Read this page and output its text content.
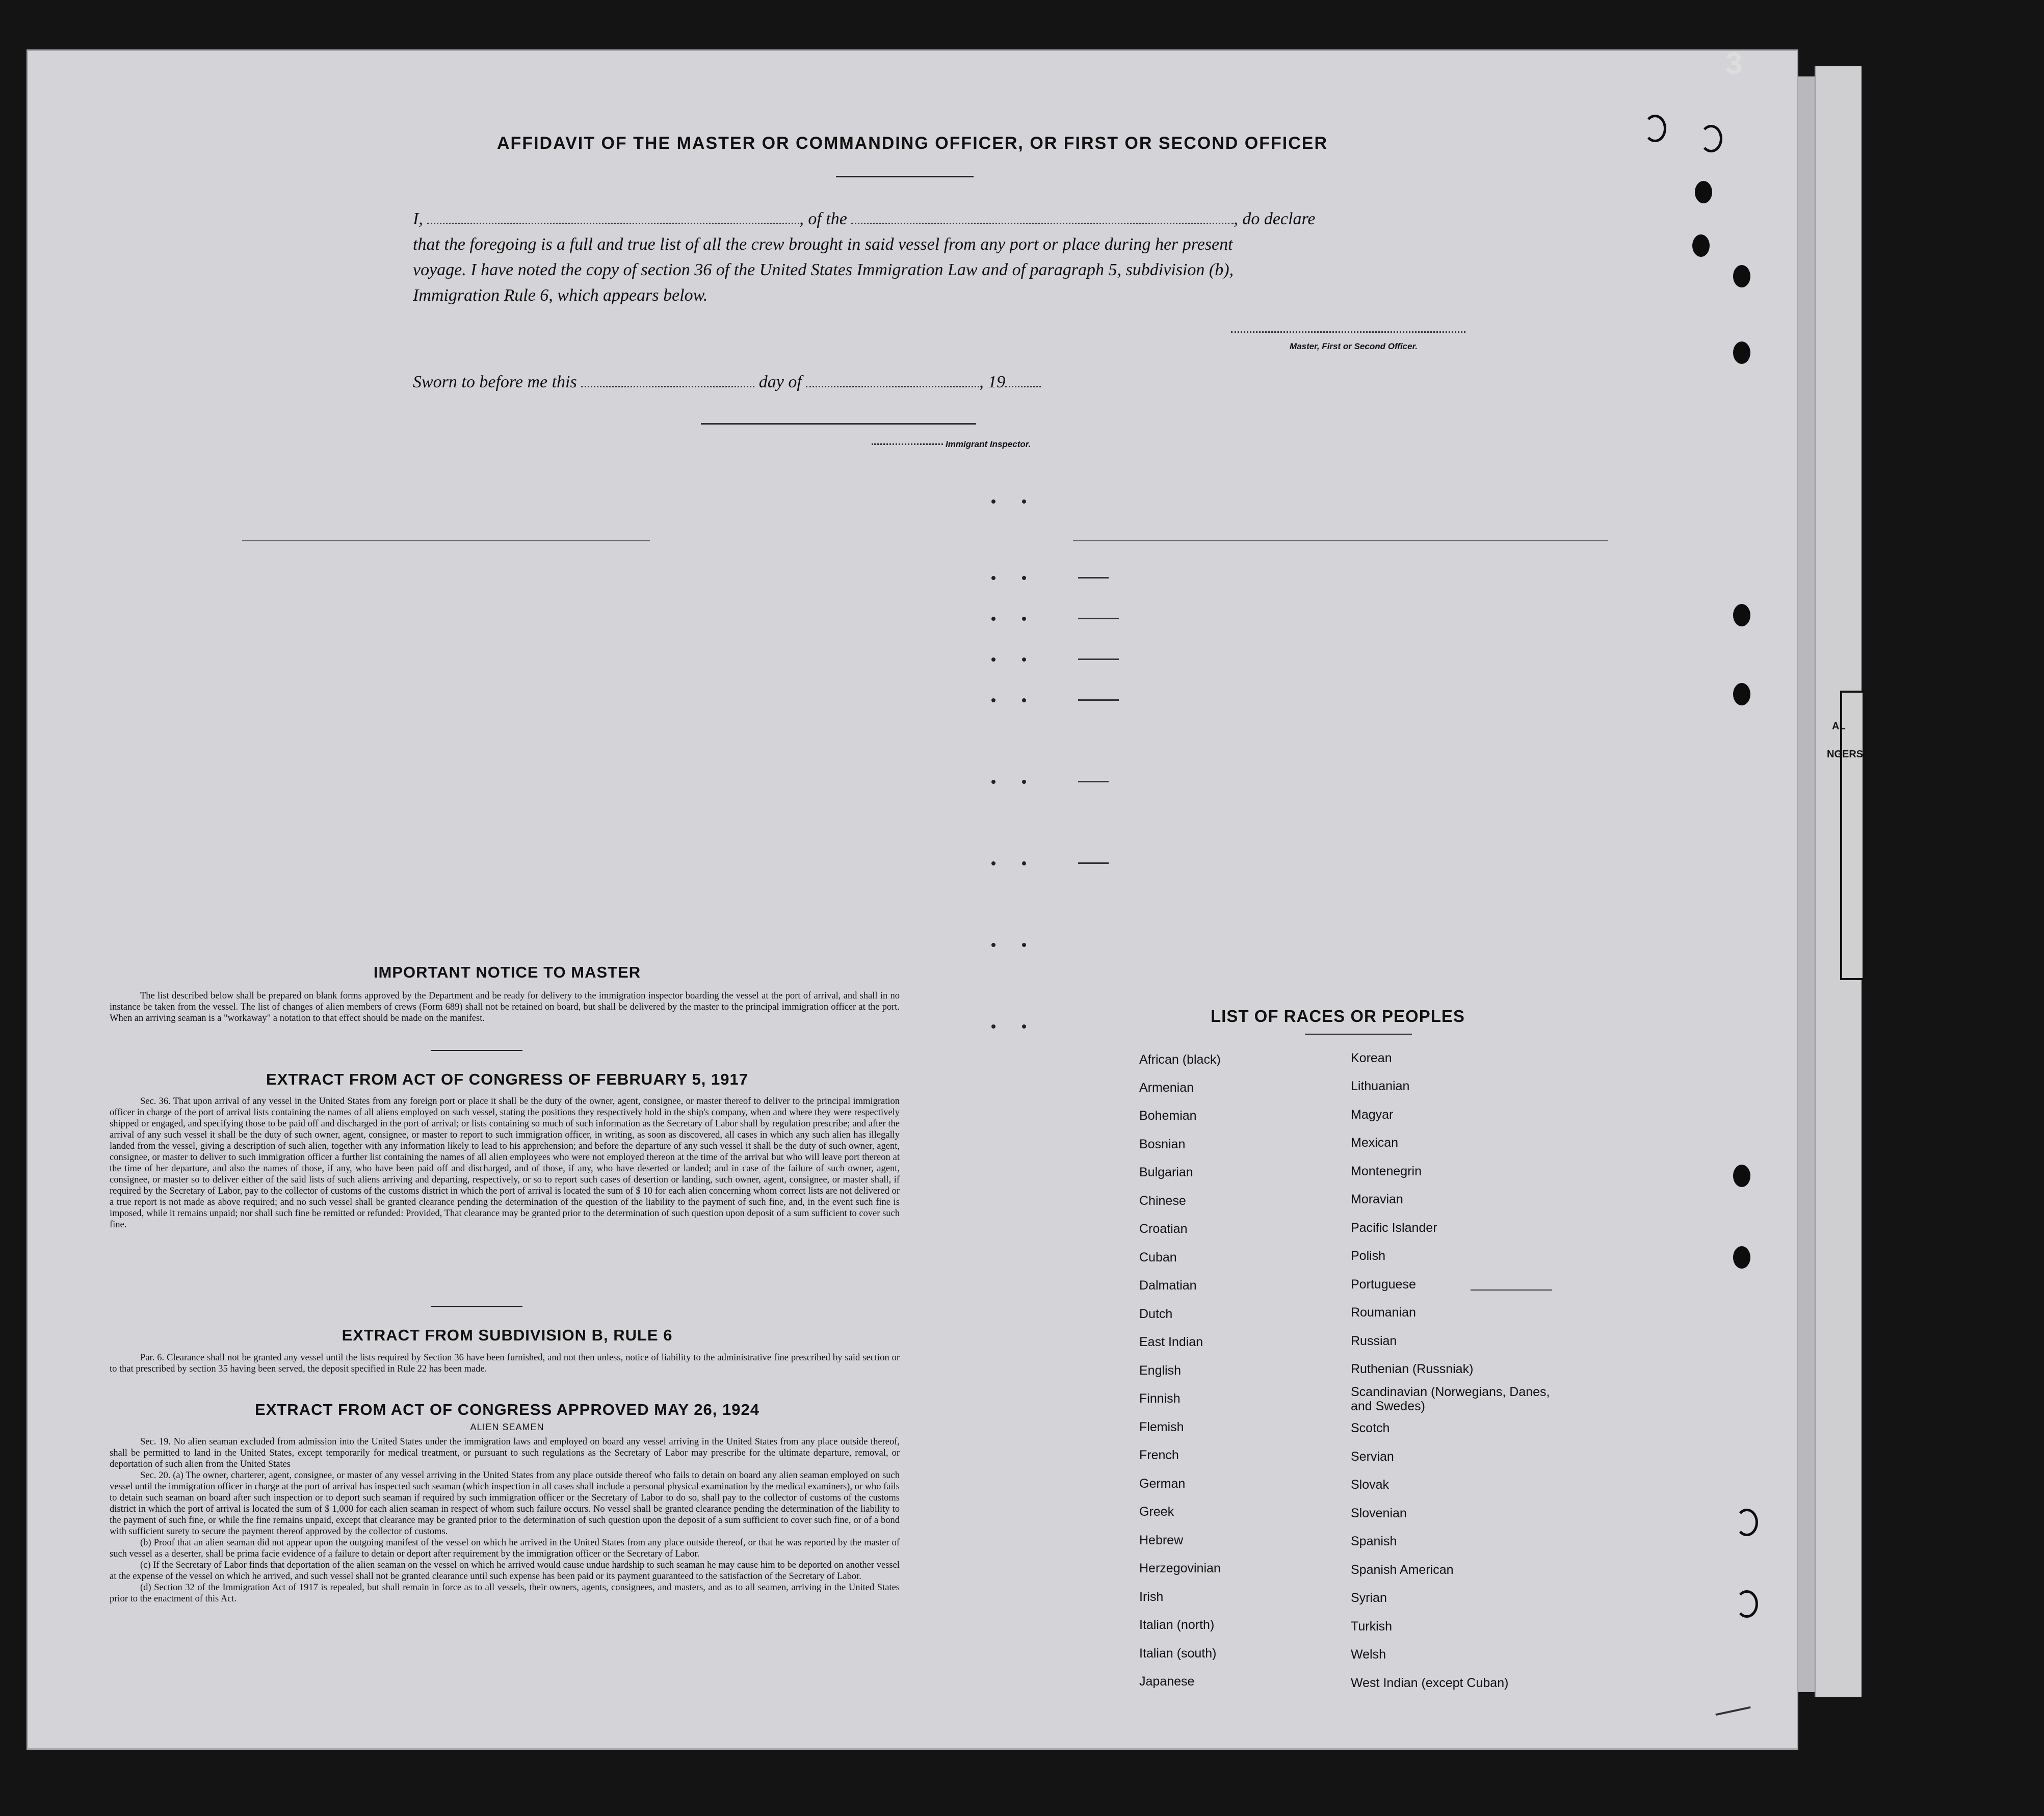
AL
NGERS
3
AFFIDAVIT OF THE MASTER OR COMMANDING OFFICER, OR FIRST OR SECOND OFFICER
I,	, of the	, do declare
that the foregoing is a full and true list of all the crew brought in said vessel from any port or place during her present
voyage. I have noted the copy of section 36 of the United States Immigration Law and of paragraph 5, subdivision (b),
Immigration Rule 6, which appears below.
Master, First or Second Officer.
Sworn to before me this	day of	, 19
Immigrant Inspector.
IMPORTANT NOTICE TO MASTER
The list described below shall be prepared on blank forms approved by the Department and be ready for delivery to the immigration inspector boarding the vessel at the port of arrival, and shall in no instance be taken from the vessel. The list of changes of alien members of crews (Form 689) shall not be retained on board, but shall be delivered by the master to the principal immigration officer at the port. When an arriving seaman is a "workaway" a notation to that effect should be made on the manifest.
EXTRACT FROM ACT OF CONGRESS OF FEBRUARY 5, 1917
Sec. 36. That upon arrival of any vessel in the United States from any foreign port or place it shall be the duty of the owner, agent, consignee, or master thereof to deliver to the principal immigration officer in charge of the port of arrival lists containing the names of all aliens employed on such vessel, stating the positions they respectively hold in the ship's company, when and where they were respectively shipped or engaged, and specifying those to be paid off and discharged in the port of arrival; or lists containing so much of such information as the Secretary of Labor shall by regulation prescribe; and after the arrival of any such vessel it shall be the duty of such owner, agent, consignee, or master to report to such immigration officer, in writing, as soon as discovered, all cases in which any such alien has illegally landed from the vessel, giving a description of such alien, together with any information likely to lead to his apprehension; and before the departure of any such vessel it shall be the duty of such owner, agent, consignee, or master to deliver to such immigration officer a further list containing the names of all alien employees who were not employed thereon at the time of the arrival but who will leave port thereon at the time of her departure, and also the names of those, if any, who have been paid off and discharged, and of those, if any, who have deserted or landed; and in case of the failure of such owner, agent, consignee, or master so to deliver either of the said lists of such aliens arriving and departing, respectively, or so to report such cases of desertion or landing, such owner, agent, consignee, or master shall, if required by the Secretary of Labor, pay to the collector of customs of the customs district in which the port of arrival is located the sum of $ 10 for each alien concerning whom correct lists are not delivered or a true report is not made as above required; and no such vessel shall be granted clearance pending the determination of the question of the liability to the payment of such fine, and, in the event such fine is imposed, while it remains unpaid; nor shall such fine be remitted or refunded: Provided, That clearance may be granted prior to the determination of such question upon deposit of a sum sufficient to cover such fine.
EXTRACT FROM SUBDIVISION B, RULE 6
Par. 6. Clearance shall not be granted any vessel until the lists required by Section 36 have been furnished, and not then unless, notice of liability to the administrative fine prescribed by said section or to that prescribed by section 35 having been served, the deposit specified in Rule 22 has been made.
EXTRACT FROM ACT OF CONGRESS APPROVED MAY 26, 1924
ALIEN SEAMEN

Sec. 19. No alien seaman excluded from admission into the United States under the immigration laws and employed on board any vessel arriving in the United States from any place outside thereof, shall be permitted to land in the United States, except temporarily for medical treatment, or pursuant to such regulations as the Secretary of Labor may prescribe for the ultimate departure, removal, or deportation of such alien from the United States

Sec. 20. (a) The owner, charterer, agent, consignee, or master of any vessel arriving in the United States from any place outside thereof who fails to detain on board any alien seaman employed on such vessel until the immigration officer in charge at the port of arrival has inspected such seaman (which inspection in all cases shall include a personal physical examination by the medical examiners), or who fails to detain such seaman on board after such inspection or to deport such seaman if required by such immigration officer or the Secretary of Labor to do so, shall pay to the collector of customs of the customs district in which the port of arrival is located the sum of $ 1,000 for each alien seaman in respect of whom such failure occurs. No vessel shall be granted clearance pending the determination of the liability to the payment of such fine, or while the fine remains unpaid, except that clearance may be granted prior to the determination of such question upon the deposit of a sum sufficient to cover such fine, or of a bond with sufficient surety to secure the payment thereof approved by the collector of customs.

(b) Proof that an alien seaman did not appear upon the outgoing manifest of the vessel on which he arrived in the United States from any place outside thereof, or that he was reported by the master of such vessel as a deserter, shall be prima facie evidence of a failure to detain or deport after requirement by the immigration officer or the Secretary of Labor.

(c) If the Secretary of Labor finds that deportation of the alien seaman on the vessel on which he arrived would cause undue hardship to such seaman he may cause him to be deported on another vessel at the expense of the vessel on which he arrived, and such vessel shall not be granted clearance until such expense has been paid or its payment guaranteed to the satisfaction of the Secretary of Labor.

(d) Section 32 of the Immigration Act of 1917 is repealed, but shall remain in force as to all vessels, their owners, agents, consignees, and masters, and as to all seamen, arriving in the United States prior to the enactment of this Act.

LIST OF RACES OR PEOPLES
African (black)
Armenian
Bohemian
Bosnian
Bulgarian
Chinese
Croatian
Cuban
Dalmatian
Dutch
East Indian
English
Finnish
Flemish
French
German
Greek
Hebrew
Herzegovinian
Irish
Italian (north)
Italian (south)
Japanese
Korean
Lithuanian
Magyar
Mexican
Montenegrin
Moravian
Pacific Islander
Polish
Portuguese
Roumanian
Russian
Ruthenian (Russniak)
Scandinavian (Norwegians, Danes, and Swedes)
Scotch
Servian
Slovak
Slovenian
Spanish
Spanish American
Syrian
Turkish
Welsh
West Indian (except Cuban)
